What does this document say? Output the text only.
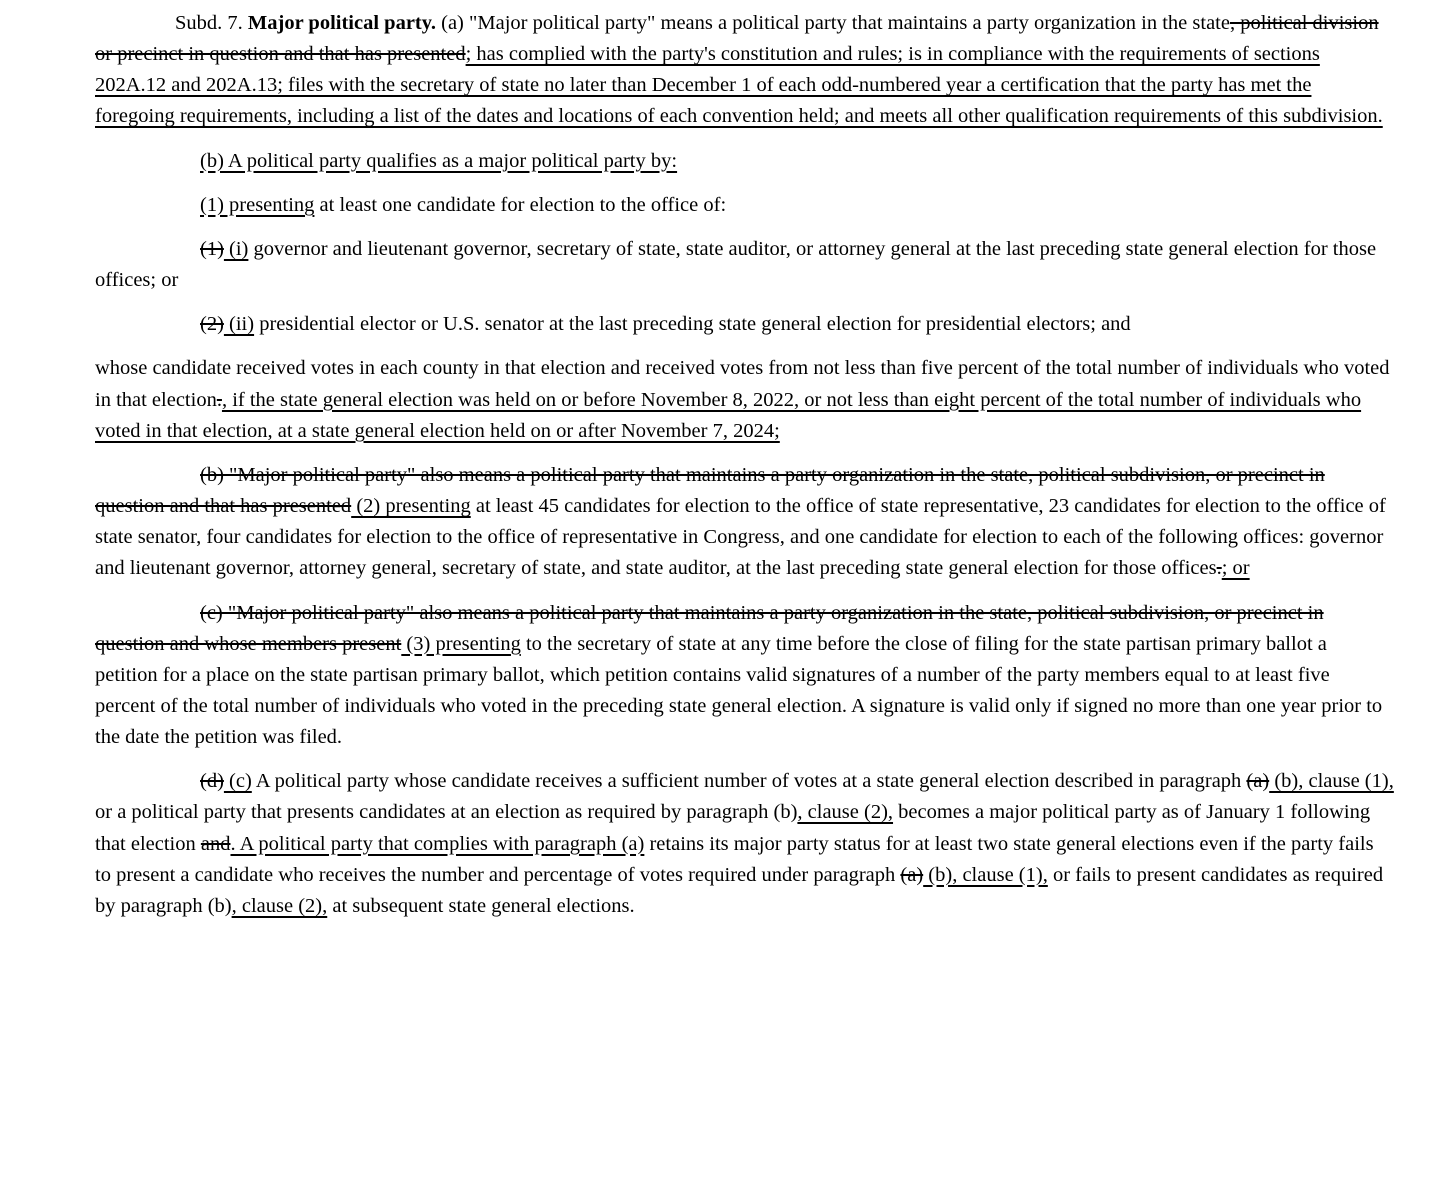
Subd. 7. Major political party. (a) "Major political party" means a political party that maintains a party organization in the state, political division or precinct in question and that has presented; has complied with the party's constitution and rules; is in compliance with the requirements of sections 202A.12 and 202A.13; files with the secretary of state no later than December 1 of each odd-numbered year a certification that the party has met the foregoing requirements, including a list of the dates and locations of each convention held; and meets all other qualification requirements of this subdivision.

(b) A political party qualifies as a major political party by:

(1) presenting at least one candidate for election to the office of:

(1) (i) governor and lieutenant governor, secretary of state, state auditor, or attorney general at the last preceding state general election for those offices; or

(2) (ii) presidential elector or U.S. senator at the last preceding state general election for presidential electors; and

whose candidate received votes in each county in that election and received votes from not less than five percent of the total number of individuals who voted in that election., if the state general election was held on or before November 8, 2022, or not less than eight percent of the total number of individuals who voted in that election, at a state general election held on or after November 7, 2024;

(b) "Major political party" also means a political party that maintains a party organization in the state, political subdivision, or precinct in question and that has presented (2) presenting at least 45 candidates for election to the office of state representative, 23 candidates for election to the office of state senator, four candidates for election to the office of representative in Congress, and one candidate for election to each of the following offices: governor and lieutenant governor, attorney general, secretary of state, and state auditor, at the last preceding state general election for those offices.; or

(c) "Major political party" also means a political party that maintains a party organization in the state, political subdivision, or precinct in question and whose members present (3) presenting to the secretary of state at any time before the close of filing for the state partisan primary ballot a petition for a place on the state partisan primary ballot, which petition contains valid signatures of a number of the party members equal to at least five percent of the total number of individuals who voted in the preceding state general election. A signature is valid only if signed no more than one year prior to the date the petition was filed.

(d) (c) A political party whose candidate receives a sufficient number of votes at a state general election described in paragraph (a) (b), clause (1), or a political party that presents candidates at an election as required by paragraph (b), clause (2), becomes a major political party as of January 1 following that election and. A political party that complies with paragraph (a) retains its major party status for at least two state general elections even if the party fails to present a candidate who receives the number and percentage of votes required under paragraph (a) (b), clause (1), or fails to present candidates as required by paragraph (b), clause (2), at subsequent state general elections.
